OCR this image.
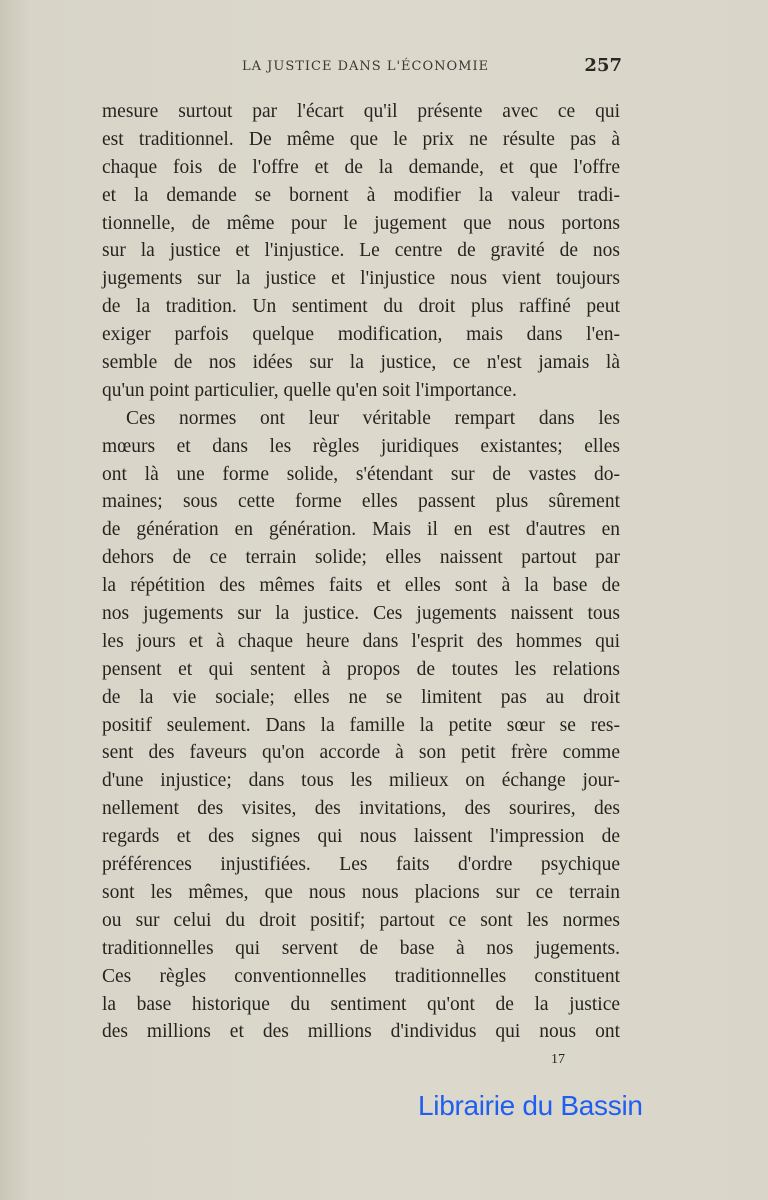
LA JUSTICE DANS L'ÉCONOMIE	257
mesure surtout par l'écart qu'il présente avec ce qui
est traditionnel. De même que le prix ne résulte pas à
chaque fois de l'offre et de la demande, et que l'offre
et la demande se bornent à modifier la valeur tradi-
tionnelle, de même pour le jugement que nous portons
sur la justice et l'injustice. Le centre de gravité de nos
jugements sur la justice et l'injustice nous vient toujours
de la tradition. Un sentiment du droit plus raffiné peut
exiger parfois quelque modification, mais dans l'en-
semble de nos idées sur la justice, ce n'est jamais là
qu'un point particulier, quelle qu'en soit l'importance.
Ces normes ont leur véritable rempart dans les
mœurs et dans les règles juridiques existantes; elles
ont là une forme solide, s'étendant sur de vastes do-
maines; sous cette forme elles passent plus sûrement
de génération en génération. Mais il en est d'autres en
dehors de ce terrain solide; elles naissent partout par
la répétition des mêmes faits et elles sont à la base de
nos jugements sur la justice. Ces jugements naissent tous
les jours et à chaque heure dans l'esprit des hommes qui
pensent et qui sentent à propos de toutes les relations
de la vie sociale; elles ne se limitent pas au droit
positif seulement. Dans la famille la petite sœur se res-
sent des faveurs qu'on accorde à son petit frère comme
d'une injustice; dans tous les milieux on échange jour-
nellement des visites, des invitations, des sourires, des
regards et des signes qui nous laissent l'impression de
préférences injustifiées. Les faits d'ordre psychique
sont les mêmes, que nous nous placions sur ce terrain
ou sur celui du droit positif; partout ce sont les normes
traditionnelles qui servent de base à nos jugements.
Ces règles conventionnelles traditionnelles constituent
la base historique du sentiment qu'ont de la justice
des millions et des millions d'individus qui nous ont
17
Librairie du Bassin
